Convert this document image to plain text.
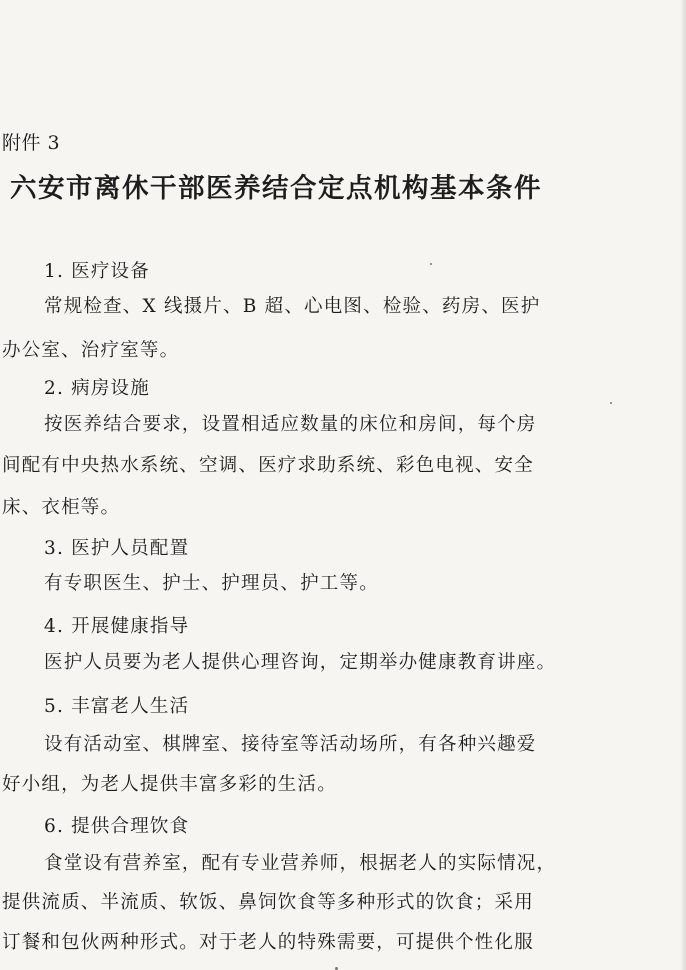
附件 3
六安市离休干部医养结合定点机构基本条件
1. 医疗设备
常规检查、X 线摄片、B 超、心电图、检验、药房、医护
办公室、治疗室等。
2. 病房设施
按医养结合要求，设置相适应数量的床位和房间，每个房
间配有中央热水系统、空调、医疗求助系统、彩色电视、安全
床、衣柜等。
3. 医护人员配置
有专职医生、护士、护理员、护工等。
4. 开展健康指导
医护人员要为老人提供心理咨询，定期举办健康教育讲座。
5. 丰富老人生活
设有活动室、棋牌室、接待室等活动场所，有各种兴趣爱
好小组，为老人提供丰富多彩的生活。
6. 提供合理饮食
食堂设有营养室，配有专业营养师，根据老人的实际情况，
提供流质、半流质、软饭、鼻饲饮食等多种形式的饮食；采用
订餐和包伙两种形式。对于老人的特殊需要，可提供个性化服
